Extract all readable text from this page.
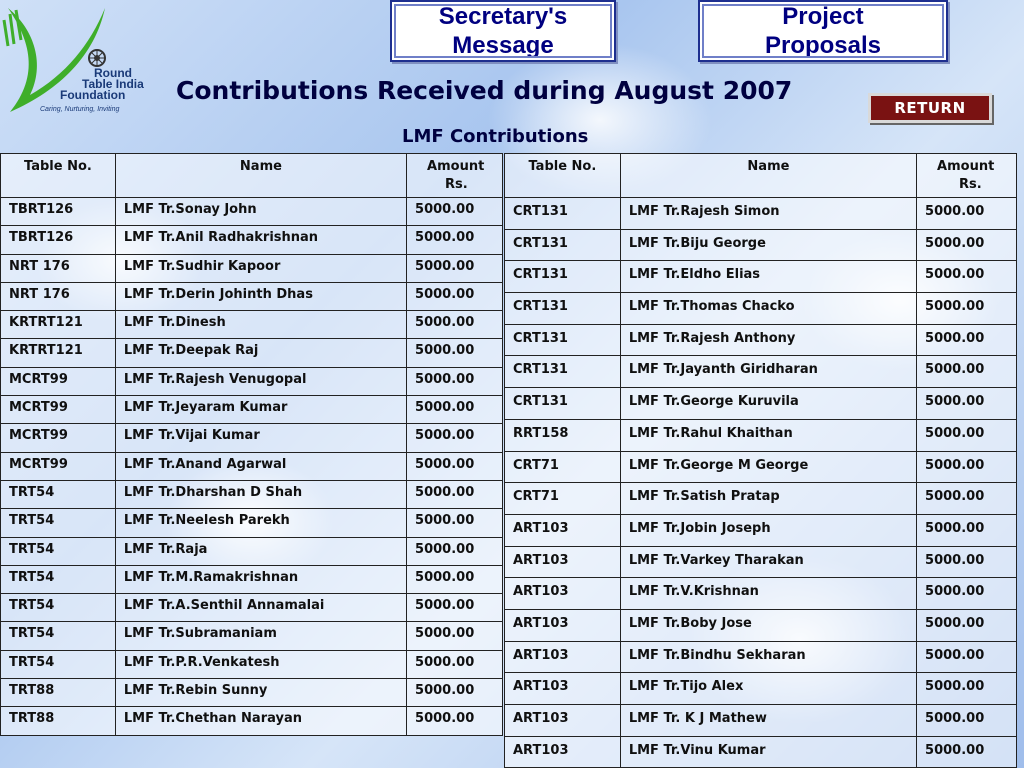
Round
Table India
Foundation
Caring, Nurturing, Inviting
Secretary's
Message
Project
Proposals
Contributions Received during August 2007
RETURN
LMF Contributions
Table No.	Name	Amount
Rs.

TBRT126	LMF Tr.Sonay John	5000.00
TBRT126	LMF Tr.Anil Radhakrishnan	5000.00
NRT 176	LMF Tr.Sudhir Kapoor	5000.00
NRT 176	LMF Tr.Derin Johinth Dhas	5000.00
KRTRT121	LMF Tr.Dinesh	5000.00
KRTRT121	LMF Tr.Deepak Raj	5000.00
MCRT99	LMF Tr.Rajesh Venugopal	5000.00
MCRT99	LMF Tr.Jeyaram Kumar	5000.00
MCRT99	LMF Tr.Vijai Kumar	5000.00
MCRT99	LMF Tr.Anand Agarwal	5000.00
TRT54	LMF Tr.Dharshan D Shah	5000.00
TRT54	LMF Tr.Neelesh Parekh	5000.00
TRT54	LMF Tr.Raja	5000.00
TRT54	LMF Tr.M.Ramakrishnan	5000.00
TRT54	LMF Tr.A.Senthil Annamalai	5000.00
TRT54	LMF Tr.Subramaniam	5000.00
TRT54	LMF Tr.P.R.Venkatesh	5000.00
TRT88	LMF Tr.Rebin Sunny	5000.00
TRT88	LMF Tr.Chethan Narayan	5000.00
Table No.	Name	Amount
Rs.

CRT131	LMF Tr.Rajesh Simon	5000.00
CRT131	LMF Tr.Biju George	5000.00
CRT131	LMF Tr.Eldho Elias	5000.00
CRT131	LMF Tr.Thomas Chacko	5000.00
CRT131	LMF Tr.Rajesh Anthony	5000.00
CRT131	LMF Tr.Jayanth Giridharan	5000.00
CRT131	LMF Tr.George Kuruvila	5000.00
RRT158	LMF Tr.Rahul Khaithan	5000.00
CRT71	LMF Tr.George M George	5000.00
CRT71	LMF Tr.Satish Pratap	5000.00
ART103	LMF Tr.Jobin Joseph	5000.00
ART103	LMF Tr.Varkey Tharakan	5000.00
ART103	LMF Tr.V.Krishnan	5000.00
ART103	LMF Tr.Boby Jose	5000.00
ART103	LMF Tr.Bindhu Sekharan	5000.00
ART103	LMF Tr.Tijo Alex	5000.00
ART103	LMF Tr. K J Mathew	5000.00
ART103	LMF Tr.Vinu Kumar	5000.00
